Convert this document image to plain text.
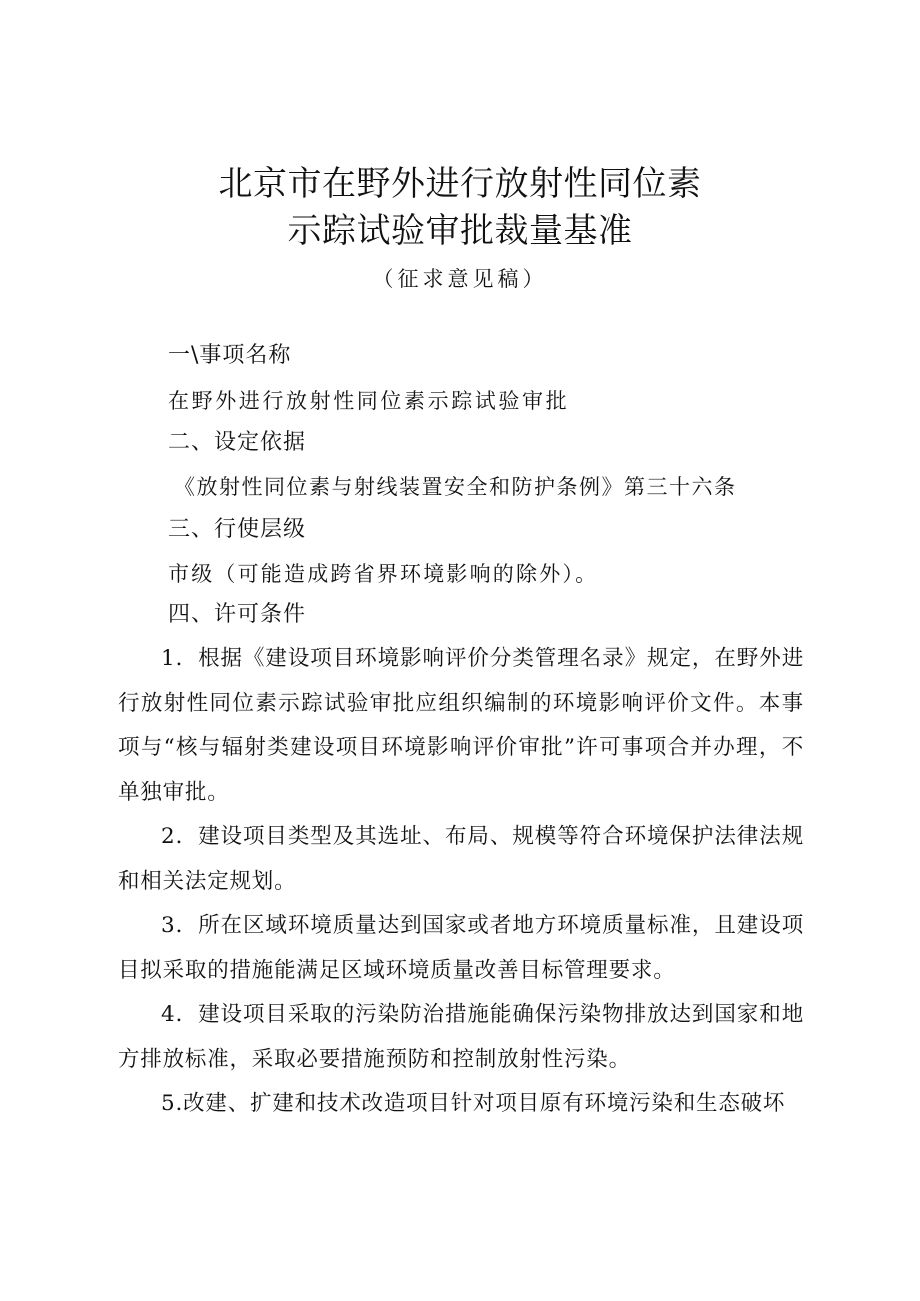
北京市在野外进行放射性同位素
示踪试验审批裁量基准
（征求意见稿）
一\事项名称
在野外进行放射性同位素示踪试验审批
二、设定依据
《放射性同位素与射线装置安全和防护条例》第三十六条
三、行使层级
市级（可能造成跨省界环境影响的除外）。
四、许可条件

1．根据《建设项目环境影响评价分类管理名录》规定，在野外进行放射性同位素示踪试验审批应组织编制的环境影响评价文件。本事项与“核与辐射类建设项目环境影响评价审批”许可事项合并办理，不单独审批。

2．建设项目类型及其选址、布局、规模等符合环境保护法律法规和相关法定规划。

3．所在区域环境质量达到国家或者地方环境质量标准，且建设项目拟采取的措施能满足区域环境质量改善目标管理要求。

4．建设项目采取的污染防治措施能确保污染物排放达到国家和地方排放标准，采取必要措施预防和控制放射性污染。

5.改建、扩建和技术改造项目针对项目原有环境污染和生态破坏
